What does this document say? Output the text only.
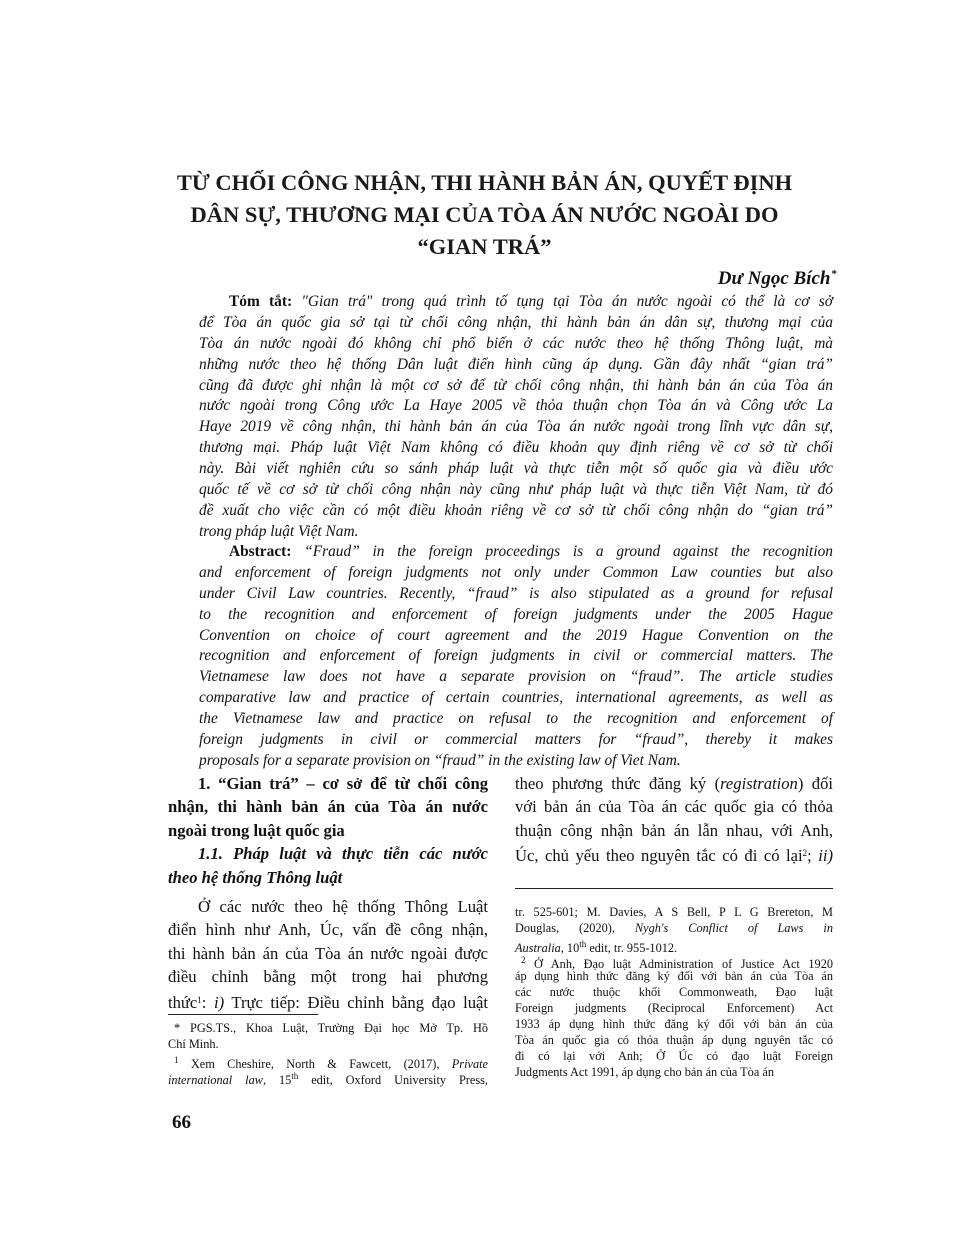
TỪ CHỐI CÔNG NHẬN, THI HÀNH BẢN ÁN, QUYẾT ĐỊNH
DÂN SỰ, THƯƠNG MẠI CỦA TÒA ÁN NƯỚC NGOÀI DO
“GIAN TRÁ”
Dư Ngọc Bích*
Tóm tắt: "Gian trá" trong quá trình tố tụng tại Tòa án nước ngoài có thể là cơ sở
để Tòa án quốc gia sở tại từ chối công nhận, thi hành bản án dân sự, thương mại của
Tòa án nước ngoài đó không chỉ phổ biến ở các nước theo hệ thống Thông luật, mà
những nước theo hệ thống Dân luật điển hình cũng áp dụng. Gần đây nhất “gian trá”
cũng đã được ghi nhận là một cơ sở để từ chối công nhận, thi hành bản án của Tòa án
nước ngoài trong Công ước La Haye 2005 về thỏa thuận chọn Tòa án và Công ước La
Haye 2019 về công nhận, thi hành bản án của Tòa án nước ngoài trong lĩnh vực dân sự,
thương mại. Pháp luật Việt Nam không có điều khoản quy định riêng về cơ sở từ chối
này. Bài viết nghiên cứu so sánh pháp luật và thực tiễn một số quốc gia và điều ước
quốc tế về cơ sở từ chối công nhận này cũng như pháp luật và thực tiễn Việt Nam, từ đó
đề xuất cho việc cần có một điều khoản riêng về cơ sở từ chối công nhận do “gian trá”
trong pháp luật Việt Nam.
Abstract: “Fraud” in the foreign proceedings is a ground against the recognition
and enforcement of foreign judgments not only under Common Law counties but also
under Civil Law countries. Recently, “fraud” is also stipulated as a ground for refusal
to the recognition and enforcement of foreign judgments under the 2005 Hague
Convention on choice of court agreement and the 2019 Hague Convention on the
recognition and enforcement of foreign judgments in civil or commercial matters. The
Vietnamese law does not have a separate provision on “fraud”. The article studies
comparative law and practice of certain countries, international agreements, as well as
the Vietnamese law and practice on refusal to the recognition and enforcement of
foreign judgments in civil or commercial matters for “fraud”, thereby it makes
proposals for a separate provision on “fraud” in the existing law of Viet Nam.
1. “Gian trá” – cơ sở để từ chối công
nhận, thi hành bản án của Tòa án nước
ngoài trong luật quốc gia
1.1. Pháp luật và thực tiễn các nước
theo hệ thống Thông luật
Ở các nước theo hệ thống Thông Luật
điển hình như Anh, Úc, vấn đề công nhận,
thi hành bản án của Tòa án nước ngoài được
điều chỉnh bằng một trong hai phương
thức$^1$: i) Trực tiếp: Điều chỉnh bằng đạo luật
* PGS.TS., Khoa Luật, Trường Đại học Mở Tp. Hồ
Chí Minh.
$^1$ Xem Cheshire, North & Fawcett, (2017), Private
international law, 15th edit, Oxford University Press,
theo phương thức đăng ký (registration) đối
với bản án của Tòa án các quốc gia có thỏa
thuận công nhận bản án lẫn nhau, với Anh,
Úc, chủ yếu theo nguyên tắc có đi có lại$^2$; ii)
tr. 525-601; M. Davies, A S Bell, P L G Brereton, M
Douglas, (2020), Nygh's Conflict of Laws in
Australia, 10th edit, tr. 955-1012.
$^2$ Ở Anh, Đạo luật Administration of Justice Act 1920
áp dụng hình thức đăng ký đối với bản án của Tòa án
các nước thuộc khối Commonweath, Đạo luật
Foreign judgments (Reciprocal Enforcement) Act
1933 áp dụng hình thức đăng ký đối với bản án của
Tòa án quốc gia có thỏa thuận áp dụng nguyên tắc có
đi có lại với Anh; Ở Úc có đạo luật Foreign
Judgments Act 1991, áp dụng cho bản án của Tòa án
66
